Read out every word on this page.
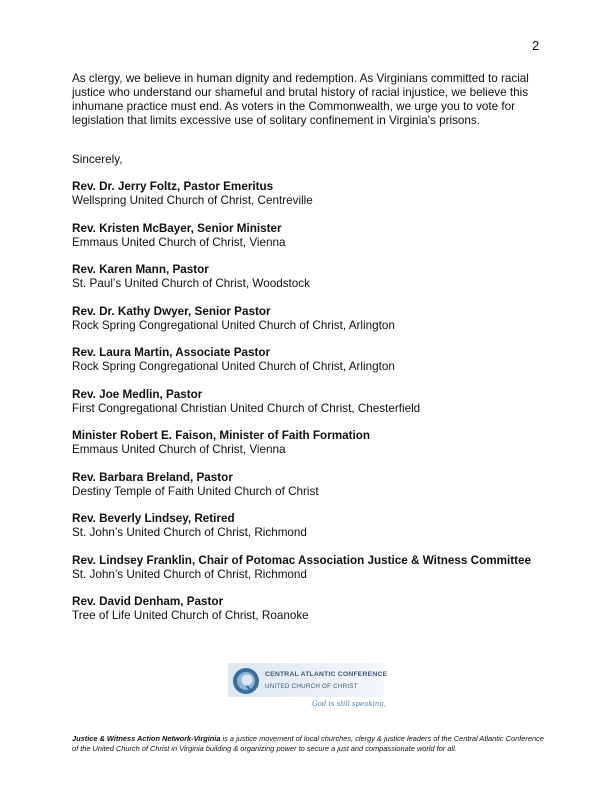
2

As clergy, we believe in human dignity and redemption. As Virginians committed to racial justice who understand our shameful and brutal history of racial injustice, we believe this inhumane practice must end. As voters in the Commonwealth, we urge you to vote for legislation that limits excessive use of solitary confinement in Virginia's prisons.

Sincerely,
Rev. Dr. Jerry Foltz, Pastor Emeritus
Wellspring United Church of Christ, Centreville
Rev. Kristen McBayer, Senior Minister
Emmaus United Church of Christ, Vienna
Rev. Karen Mann, Pastor
St. Paul’s United Church of Christ, Woodstock
Rev. Dr. Kathy Dwyer, Senior Pastor
Rock Spring Congregational United Church of Christ, Arlington
Rev. Laura Martin, Associate Pastor
Rock Spring Congregational United Church of Christ, Arlington
Rev. Joe Medlin, Pastor
First Congregational Christian United Church of Christ, Chesterfield
Minister Robert E. Faison, Minister of Faith Formation
Emmaus United Church of Christ, Vienna
Rev. Barbara Breland, Pastor
Destiny Temple of Faith United Church of Christ
Rev. Beverly Lindsey, Retired
St. John’s United Church of Christ, Richmond
Rev. Lindsey Franklin, Chair of Potomac Association Justice & Witness Committee
St. John’s United Church of Christ, Richmond
Rev. David Denham, Pastor
Tree of Life United Church of Christ, Roanoke
CENTRAL ATLANTIC CONFERENCE
UNITED CHURCH OF CHRIST
God is still speaking,
Justice & Witness Action Network-Virginia is a justice movement of local churches, clergy & justice leaders of the Central Atlantic Conference of the United Church of Christ in Virginia building & organizing power to secure a just and compassionate world for all.
